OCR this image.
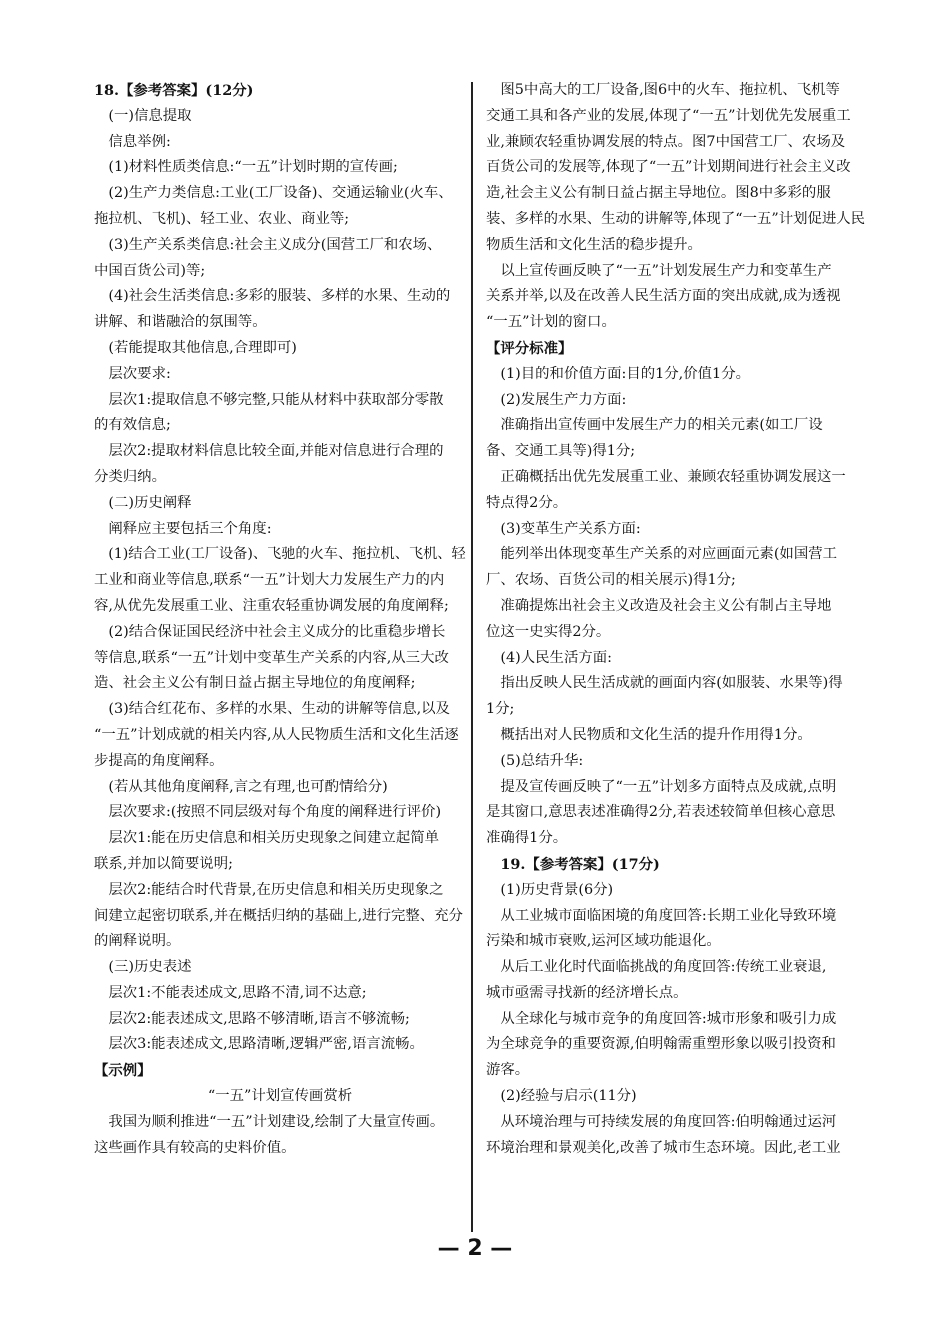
18.【参考答案】(12分)

　(一)信息提取

　信息举例:

　(1)材料性质类信息:“一五”计划时期的宣传画;

　(2)生产力类信息:工业(工厂设备)、交通运输业(火车、

拖拉机、飞机)、轻工业、农业、商业等;

　(3)生产关系类信息:社会主义成分(国营工厂和农场、

中国百货公司)等;

　(4)社会生活类信息:多彩的服装、多样的水果、生动的

讲解、和谐融洽的氛围等。

　(若能提取其他信息,合理即可)

　层次要求:

　层次1:提取信息不够完整,只能从材料中获取部分零散

的有效信息;

　层次2:提取材料信息比较全面,并能对信息进行合理的

分类归纳。

　(二)历史阐释

　阐释应主要包括三个角度:

　(1)结合工业(工厂设备)、飞驰的火车、拖拉机、飞机、轻

工业和商业等信息,联系“一五”计划大力发展生产力的内

容,从优先发展重工业、注重农轻重协调发展的角度阐释;

　(2)结合保证国民经济中社会主义成分的比重稳步增长

等信息,联系“一五”计划中变革生产关系的内容,从三大改

造、社会主义公有制日益占据主导地位的角度阐释;

　(3)结合红花布、多样的水果、生动的讲解等信息,以及

“一五”计划成就的相关内容,从人民物质生活和文化生活逐

步提高的角度阐释。

　(若从其他角度阐释,言之有理,也可酌情给分)

　层次要求:(按照不同层级对每个角度的阐释进行评价)

　层次1:能在历史信息和相关历史现象之间建立起简单

联系,并加以简要说明;

　层次2:能结合时代背景,在历史信息和相关历史现象之

间建立起密切联系,并在概括归纳的基础上,进行完整、充分

的阐释说明。

　(三)历史表述

　层次1:不能表述成文,思路不清,词不达意;

　层次2:能表述成文,思路不够清晰,语言不够流畅;

　层次3:能表述成文,思路清晰,逻辑严密,语言流畅。

【示例】

“一五”计划宣传画赏析

　我国为顺利推进“一五”计划建设,绘制了大量宣传画。

这些画作具有较高的史料价值。

　图5中高大的工厂设备,图6中的火车、拖拉机、飞机等

交通工具和各产业的发展,体现了“一五”计划优先发展重工

业,兼顾农轻重协调发展的特点。图7中国营工厂、农场及

百货公司的发展等,体现了“一五”计划期间进行社会主义改

造,社会主义公有制日益占据主导地位。图8中多彩的服

装、多样的水果、生动的讲解等,体现了“一五”计划促进人民

物质生活和文化生活的稳步提升。

　以上宣传画反映了“一五”计划发展生产力和变革生产

关系并举,以及在改善人民生活方面的突出成就,成为透视

“一五”计划的窗口。

【评分标准】

　(1)目的和价值方面:目的1分,价值1分。

　(2)发展生产力方面:

　准确指出宣传画中发展生产力的相关元素(如工厂设

备、交通工具等)得1分;

　正确概括出优先发展重工业、兼顾农轻重协调发展这一

特点得2分。

　(3)变革生产关系方面:

　能列举出体现变革生产关系的对应画面元素(如国营工

厂、农场、百货公司的相关展示)得1分;

　准确提炼出社会主义改造及社会主义公有制占主导地

位这一史实得2分。

　(4)人民生活方面:

　指出反映人民生活成就的画面内容(如服装、水果等)得

1分;

　概括出对人民物质和文化生活的提升作用得1分。

　(5)总结升华:

　提及宣传画反映了“一五”计划多方面特点及成就,点明

是其窗口,意思表述准确得2分,若表述较简单但核心意思

准确得1分。

　19.【参考答案】(17分)

　(1)历史背景(6分)

　从工业城市面临困境的角度回答:长期工业化导致环境

污染和城市衰败,运河区域功能退化。

　从后工业化时代面临挑战的角度回答:传统工业衰退,

城市亟需寻找新的经济增长点。

　从全球化与城市竞争的角度回答:城市形象和吸引力成

为全球竞争的重要资源,伯明翰需重塑形象以吸引投资和

游客。

　(2)经验与启示(11分)

　从环境治理与可持续发展的角度回答:伯明翰通过运河

环境治理和景观美化,改善了城市生态环境。因此,老工业

— 2 —
